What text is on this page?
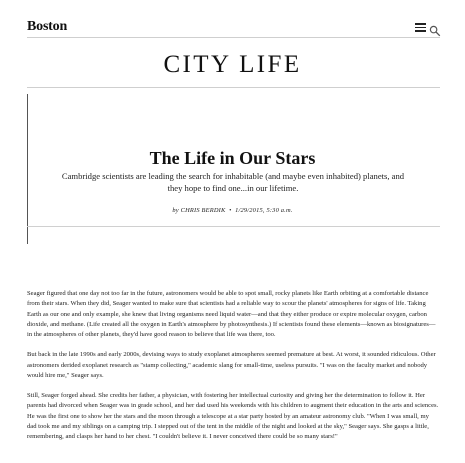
Boston
CITY LIFE
The Life in Our Stars
Cambridge scientists are leading the search for inhabitable (and maybe even inhabited) planets, and they hope to find one...in our lifetime.
by CHRIS BERDIK • 1/29/2015, 5:30 a.m.

Seager figured that one day not too far in the future, astronomers would be able to spot small, rocky planets like Earth orbiting at a comfortable distance from their stars. When they did, Seager wanted to make sure that scientists had a reliable way to scour the planets' atmospheres for signs of life. Taking Earth as our one and only example, she knew that living organisms need liquid water—and that they either produce or expire molecular oxygen, carbon dioxide, and methane. (Life created all the oxygen in Earth's atmosphere by photosynthesis.) If scientists found these elements—known as biosignatures—in the atmospheres of other planets, they'd have good reason to believe that life was there, too.

But back in the late 1990s and early 2000s, devising ways to study exoplanet atmospheres seemed premature at best. At worst, it sounded ridiculous. Other astronomers derided exoplanet research as "stamp collecting," academic slang for small-time, useless pursuits. "I was on the faculty market and nobody would hire me," Seager says.

Still, Seager forged ahead. She credits her father, a physician, with fostering her intellectual curiosity and giving her the determination to follow it. Her parents had divorced when Seager was in grade school, and her dad used his weekends with his children to augment their education in the arts and sciences. He was the first one to show her the stars and the moon through a telescope at a star party hosted by an amateur astronomy club. "When I was small, my dad took me and my siblings on a camping trip. I stepped out of the tent in the middle of the night and looked at the sky," Seager says. She gasps a little, remembering, and clasps her hand to her chest. "I couldn't believe it. I never conceived there could be so many stars!"
